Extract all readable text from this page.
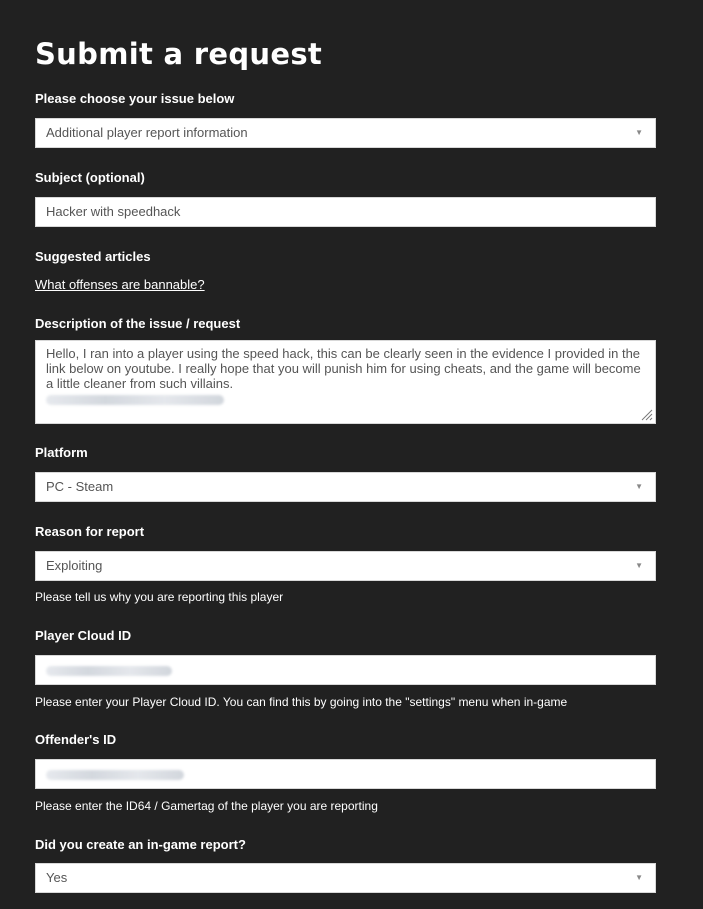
Submit a request
Please choose your issue below
Additional player report information	▼
Subject (optional)
Hacker with speedhack
Suggested articles
What offenses are bannable?
Description of the issue / request
Hello, I ran into a player using the speed hack, this can be clearly seen in the evidence I provided in the link below on youtube. I really hope that you will punish him for using cheats, and the game will become a little cleaner from such villains.
Platform
PC - Steam	▼
Reason for report
Exploiting	▼
Please tell us why you are reporting this player
Player Cloud ID
Please enter your Player Cloud ID. You can find this by going into the "settings" menu when in-game
Offender's ID
Please enter the ID64 / Gamertag of the player you are reporting
Did you create an in-game report?
Yes	▼
